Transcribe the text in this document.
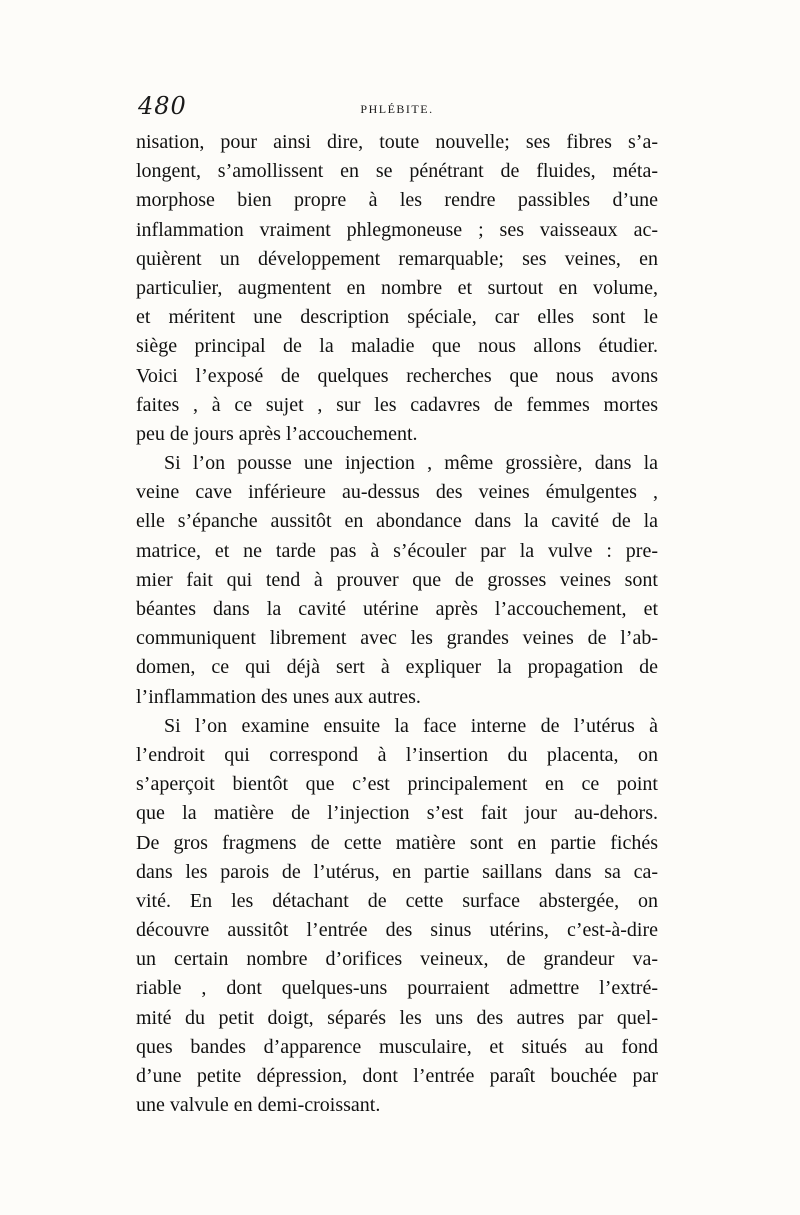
480	PHLÉBITE.
nisation, pour ainsi dire, toute nouvelle; ses fibres s’a-
longent, s’amollissent en se pénétrant de fluides, méta-
morphose bien propre à les rendre passibles d’une
inflammation vraiment phlegmoneuse ; ses vaisseaux ac-
quièrent un développement remarquable; ses veines, en
particulier, augmentent en nombre et surtout en volume,
et méritent une description spéciale, car elles sont le
siège principal de la maladie que nous allons étudier.
Voici l’exposé de quelques recherches que nous avons
faites , à ce sujet , sur les cadavres de femmes mortes
peu de jours après l’accouchement.
Si l’on pousse une injection , même grossière, dans la
veine cave inférieure au-dessus des veines émulgentes ,
elle s’épanche aussitôt en abondance dans la cavité de la
matrice, et ne tarde pas à s’écouler par la vulve : pre-
mier fait qui tend à prouver que de grosses veines sont
béantes dans la cavité utérine après l’accouchement, et
communiquent librement avec les grandes veines de l’ab-
domen, ce qui déjà sert à expliquer la propagation de
l’inflammation des unes aux autres.
Si l’on examine ensuite la face interne de l’utérus à
l’endroit qui correspond à l’insertion du placenta, on
s’aperçoit bientôt que c’est principalement en ce point
que la matière de l’injection s’est fait jour au-dehors.
De gros fragmens de cette matière sont en partie fichés
dans les parois de l’utérus, en partie saillans dans sa ca-
vité. En les détachant de cette surface abstergée, on
découvre aussitôt l’entrée des sinus utérins, c’est-à-dire
un certain nombre d’orifices veineux, de grandeur va-
riable , dont quelques-uns pourraient admettre l’extré-
mité du petit doigt, séparés les uns des autres par quel-
ques bandes d’apparence musculaire, et situés au fond
d’une petite dépression, dont l’entrée paraît bouchée par
une valvule en demi-croissant.
